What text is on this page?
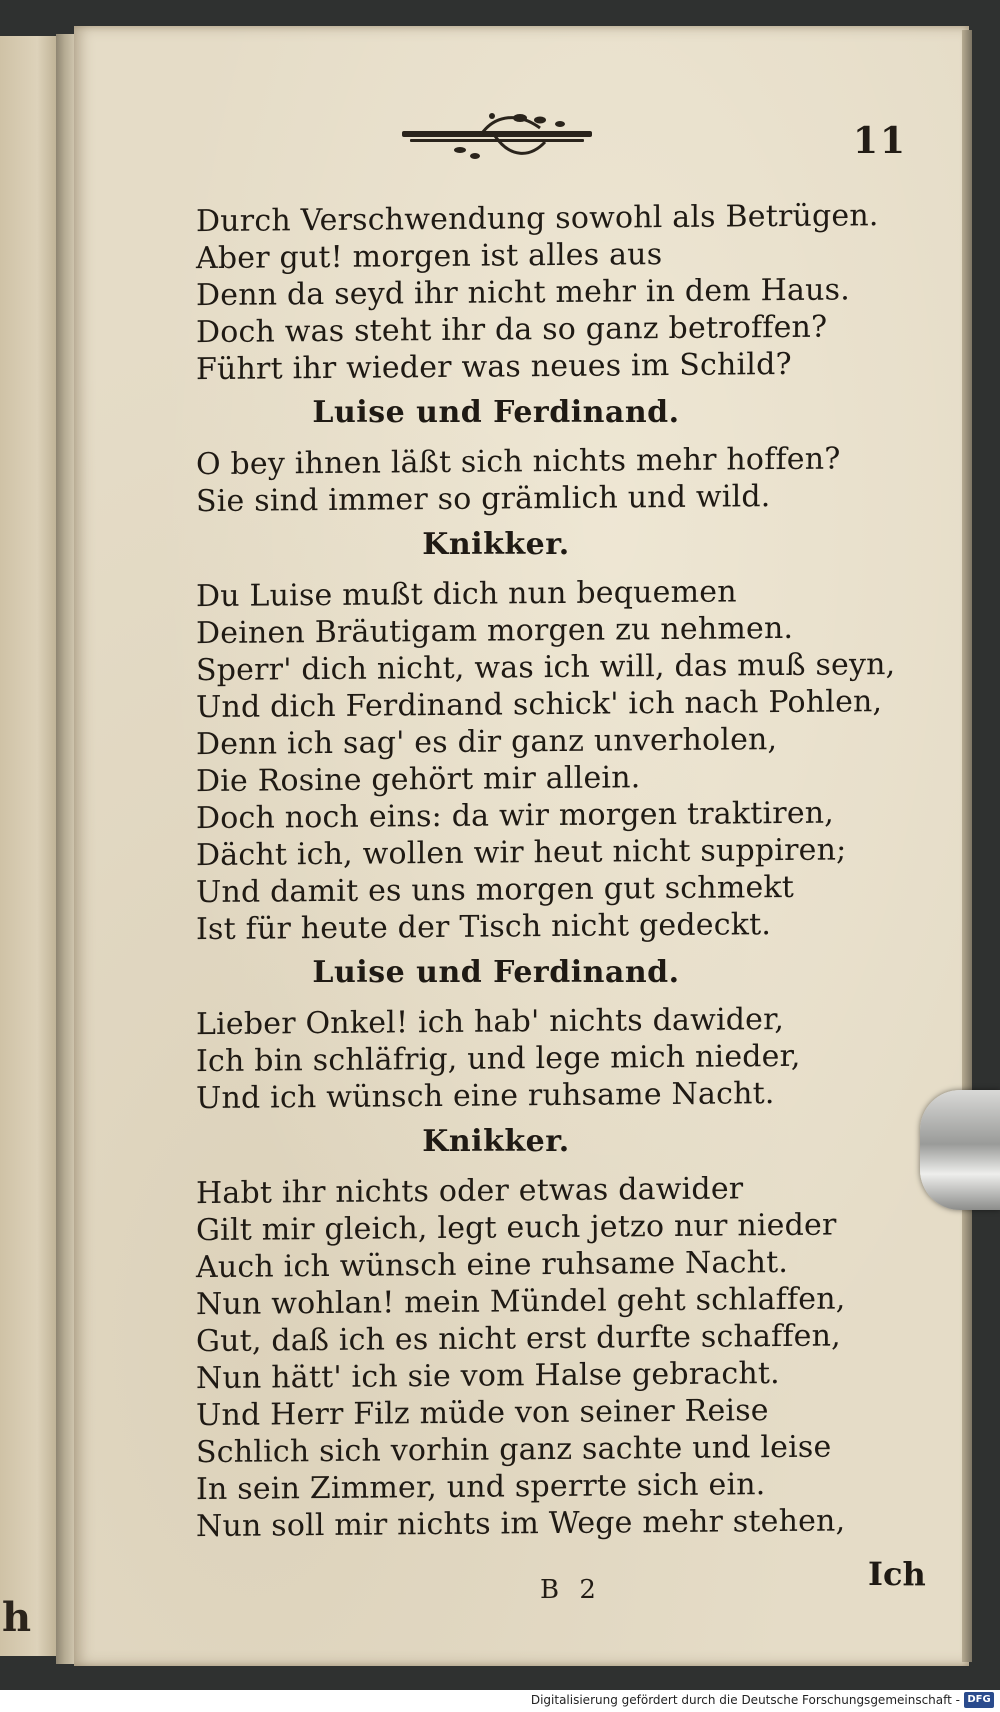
h
11
Durch Verschwendung sowohl als Betrügen.
Aber gut! morgen ist alles aus
Denn da seyd ihr nicht mehr in dem Haus.
Doch was steht ihr da so ganz betroffen?
Führt ihr wieder was neues im Schild?
Luise und Ferdinand.
O bey ihnen läßt sich nichts mehr hoffen?
Sie sind immer so grämlich und wild.
Knikker.
Du Luise mußt dich nun bequemen
Deinen Bräutigam morgen zu nehmen.
Sperr' dich nicht, was ich will, das muß seyn,
Und dich Ferdinand schick' ich nach Pohlen,
Denn ich sag' es dir ganz unverholen,
Die Rosine gehört mir allein.
Doch noch eins: da wir morgen traktiren,
Dächt ich, wollen wir heut nicht suppiren;
Und damit es uns morgen gut schmekt
Ist für heute der Tisch nicht gedeckt.
Luise und Ferdinand.
Lieber Onkel! ich hab' nichts dawider,
Ich bin schläfrig, und lege mich nieder,
Und ich wünsch eine ruhsame Nacht.
Knikker.
Habt ihr nichts oder etwas dawider
Gilt mir gleich, legt euch jetzo nur nieder
Auch ich wünsch eine ruhsame Nacht.
Nun wohlan! mein Mündel geht schlaffen,
Gut, daß ich es nicht erst durfte schaffen,
Nun hätt' ich sie vom Halse gebracht.
Und Herr Filz müde von seiner Reise
Schlich sich vorhin ganz sachte und leise
In sein Zimmer, und sperrte sich ein.
Nun soll mir nichts im Wege mehr stehen,
B 2	Ich
Digitalisierung gefördert durch die Deutsche Forschungsgemeinschaft - DFG
